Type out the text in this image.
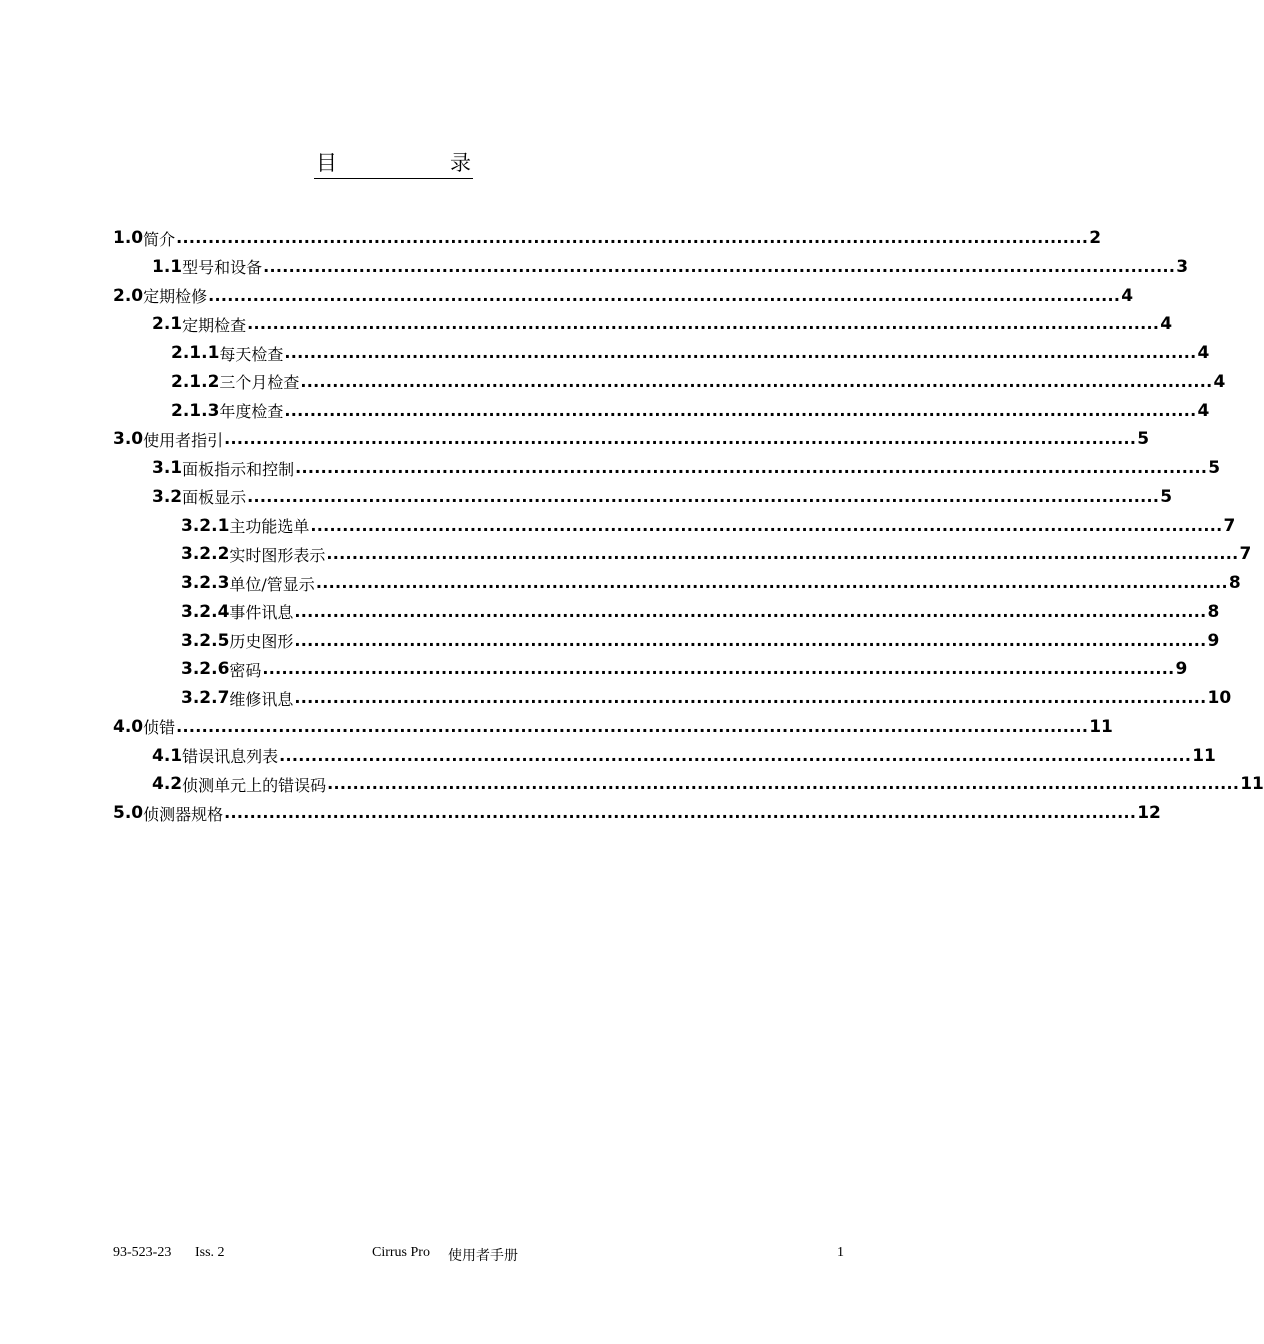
目	录
1.0 简介 ............................................................................................................................................... 2
1.1 型号和设备 ............................................................................................................................................... 3
2.0 定期检修 ............................................................................................................................................... 4
2.1 定期检查 ............................................................................................................................................... 4
2.1.1 每天检查 ............................................................................................................................................... 4
2.1.2 三个月检查 ............................................................................................................................................... 4
2.1.3 年度检查 ............................................................................................................................................... 4
3.0 使用者指引 ............................................................................................................................................... 5
3.1 面板指示和控制 ............................................................................................................................................... 5
3.2 面板显示 ............................................................................................................................................... 5
3.2.1 主功能选单 ............................................................................................................................................... 7
3.2.2 实时图形表示 ............................................................................................................................................... 7
3.2.3 单位/管显示 ............................................................................................................................................... 8
3.2.4 事件讯息 ............................................................................................................................................... 8
3.2.5 历史图形 ............................................................................................................................................... 9
3.2.6 密码 ............................................................................................................................................... 9
3.2.7 维修讯息 ............................................................................................................................................... 10
4.0 侦错 ............................................................................................................................................... 11
4.1 错误讯息列表 ............................................................................................................................................... 11
4.2 侦测单元上的错误码 ............................................................................................................................................... 11
5.0 侦测器规格 ............................................................................................................................................... 12
93-523-23 Iss. 2	Cirrus Pro 使用者手册	1
